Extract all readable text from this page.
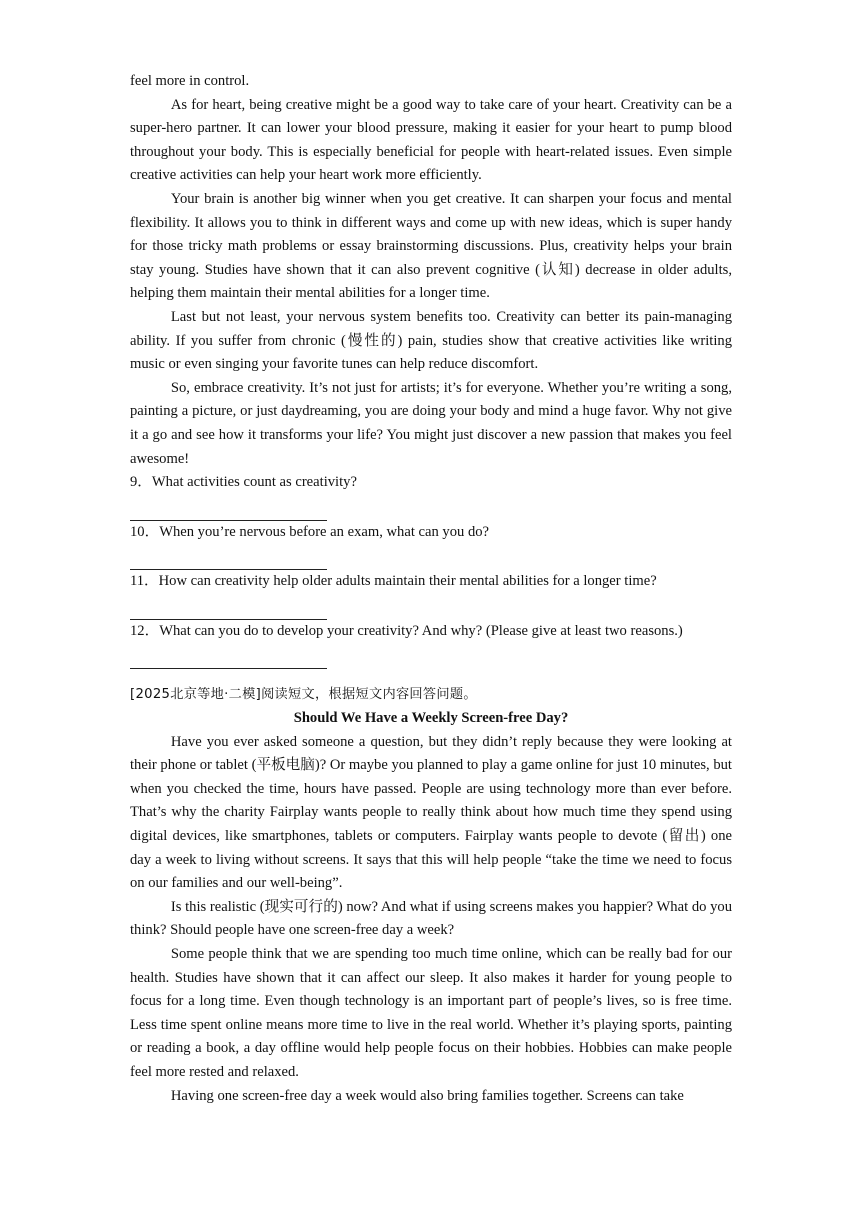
feel more in control.

As for heart, being creative might be a good way to take care of your heart. Creativity can be a super-hero partner. It can lower your blood pressure, making it easier for your heart to pump blood throughout your body. This is especially beneficial for people with heart-related issues. Even simple creative activities can help your heart work more efficiently.

Your brain is another big winner when you get creative. It can sharpen your focus and mental flexibility. It allows you to think in different ways and come up with new ideas, which is super handy for those tricky math problems or essay brainstorming discussions. Plus, creativity helps your brain stay young. Studies have shown that it can also prevent cognitive (认知) decrease in older adults, helping them maintain their mental abilities for a longer time.

Last but not least, your nervous system benefits too. Creativity can better its pain-managing ability. If you suffer from chronic (慢性的) pain, studies show that creative activities like writing music or even singing your favorite tunes can help reduce discomfort.

So, embrace creativity. It’s not just for artists; it’s for everyone. Whether you’re writing a song, painting a picture, or just daydreaming, you are doing your body and mind a huge favor. Why not give it a go and see how it transforms your life? You might just discover a new passion that makes you feel awesome!

9．What activities count as creativity?

10．When you’re nervous before an exam, what can you do?

11．How can creativity help older adults maintain their mental abilities for a longer time?

12．What can you do to develop your creativity? And why? (Please give at least two reasons.)

[2025北京等地·二模]阅读短文，根据短文内容回答问题。

Should We Have a Weekly Screen-free Day?

Have you ever asked someone a question, but they didn’t reply because they were looking at their phone or tablet (平板电脑)? Or maybe you planned to play a game online for just 10 minutes, but when you checked the time, hours have passed. People are using technology more than ever before. That’s why the charity Fairplay wants people to really think about how much time they spend using digital devices, like smartphones, tablets or computers. Fairplay wants people to devote (留出) one day a week to living without screens. It says that this will help people “take the time we need to focus on our families and our well-being”.

Is this realistic (现实可行的) now? And what if using screens makes you happier? What do you think? Should people have one screen-free day a week?

Some people think that we are spending too much time online, which can be really bad for our health. Studies have shown that it can affect our sleep. It also makes it harder for young people to focus for a long time. Even though technology is an important part of people’s lives, so is free time. Less time spent online means more time to live in the real world. Whether it’s playing sports, painting or reading a book, a day offline would help people focus on their hobbies. Hobbies can make people feel more rested and relaxed.

Having one screen-free day a week would also bring families together. Screens can take
